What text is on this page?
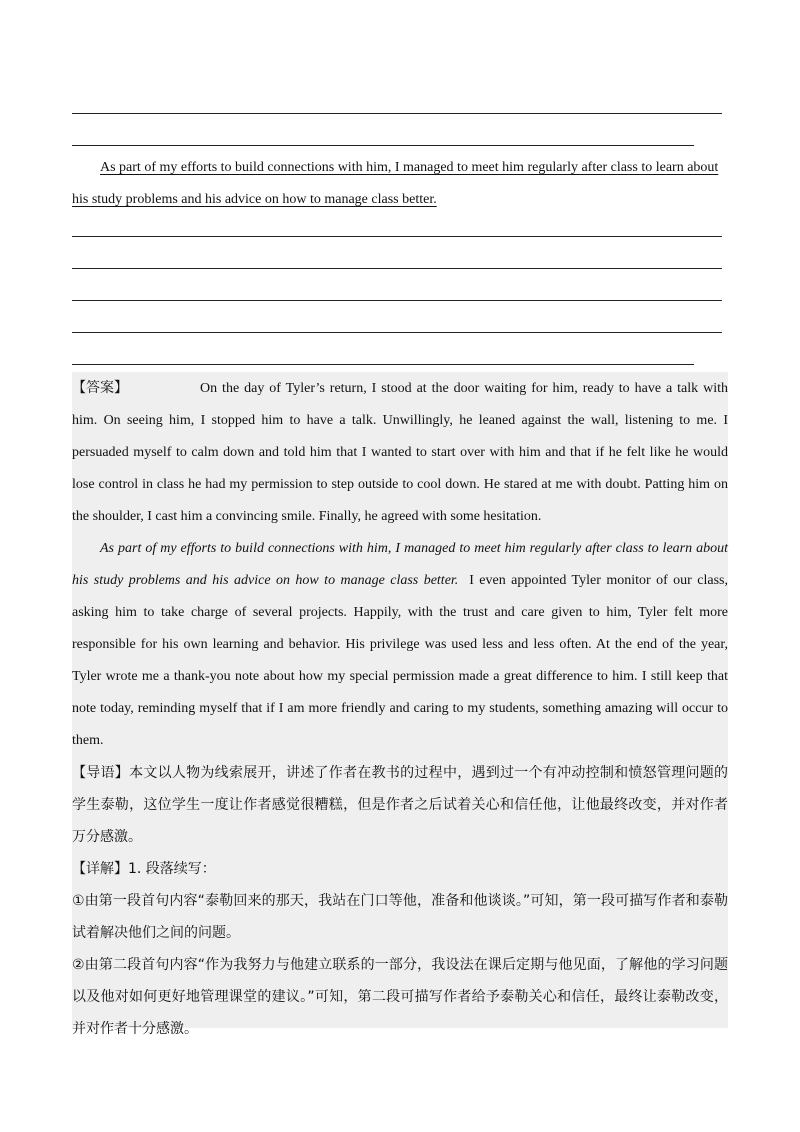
As part of my efforts to build connections with him, I managed to meet him regularly after class to learn about his study problems and his advice on how to manage class better.

【答案】	On the day of Tyler’s return, I stood at the door waiting for him, ready to have a talk with him. On seeing him, I stopped him to have a talk. Unwillingly, he leaned against the wall, listening to me. I persuaded myself to calm down and told him that I wanted to start over with him and that if he felt like he would lose control in class he had my permission to step outside to cool down. He stared at me with doubt. Patting him on the shoulder, I cast him a convincing smile. Finally, he agreed with some hesitation.

As part of my efforts to build connections with him, I managed to meet him regularly after class to learn about his study problems and his advice on how to manage class better. I even appointed Tyler monitor of our class, asking him to take charge of several projects. Happily, with the trust and care given to him, Tyler felt more responsible for his own learning and behavior. His privilege was used less and less often. At the end of the year, Tyler wrote me a thank-you note about how my special permission made a great difference to him. I still keep that note today, reminding myself that if I am more friendly and caring to my students, something amazing will occur to them.

【导语】本文以人物为线索展开，讲述了作者在教书的过程中，遇到过一个有冲动控制和愤怒管理问题的学生泰勒，这位学生一度让作者感觉很糟糕，但是作者之后试着关心和信任他，让他最终改变，并对作者万分感激。

【详解】1. 段落续写：

①由第一段首句内容“泰勒回来的那天，我站在门口等他，准备和他谈谈。”可知，第一段可描写作者和泰勒试着解决他们之间的问题。

②由第二段首句内容“作为我努力与他建立联系的一部分，我设法在课后定期与他见面，了解他的学习问题以及他对如何更好地管理课堂的建议。”可知，第二段可描写作者给予泰勒关心和信任，最终让泰勒改变，并对作者十分感激。
